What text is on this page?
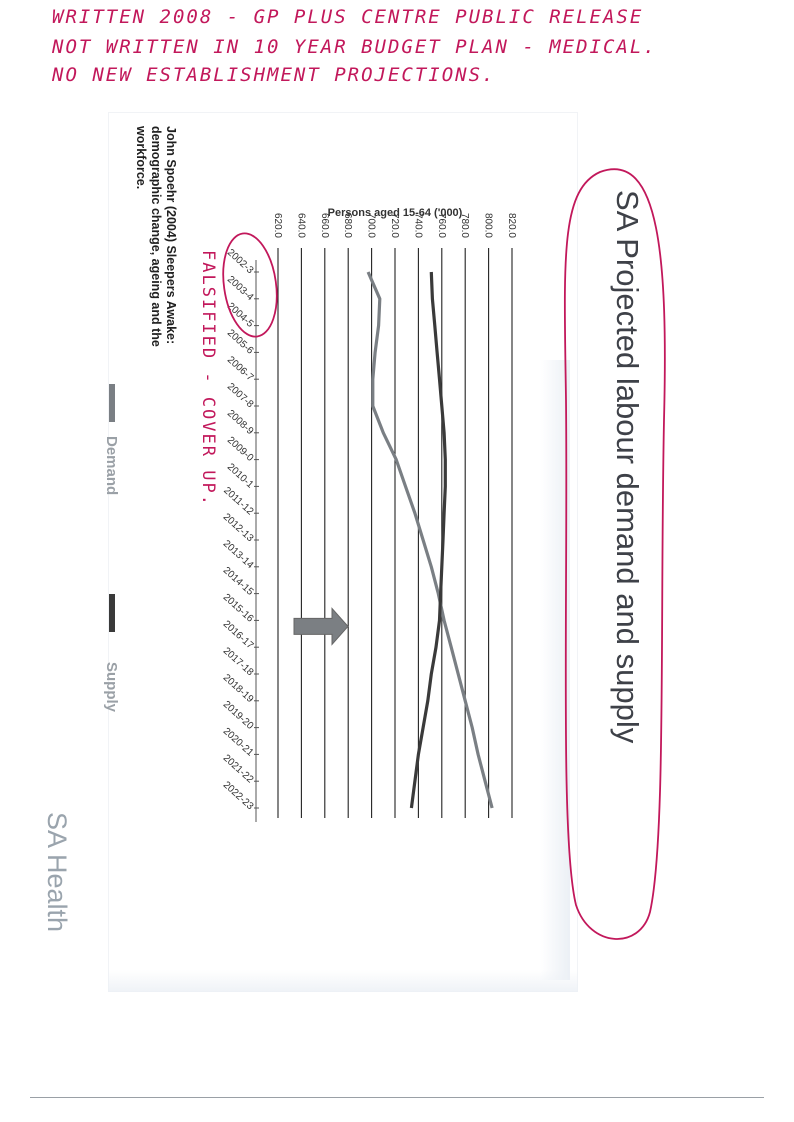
WRITTEN 2008 - GP PLUS CENTRE PUBLIC RELEASE
NOT WRITTEN IN 10 YEAR BUDGET PLAN - MEDICAL.
NO NEW ESTABLISHMENT PROJECTIONS.
SA Projected labour demand and supply
SA Health
John Spoehr (2004) Sleepers Awake: demographic change, ageing and the workforce.
FALSIFIED - COVER UP.
Demand
Supply
620.0 640.0 660.0 680.0 700.0 720.0 740.0 760.0 780.0 800.0 820.0
Persons aged 15-64 ('000)
2002-3
2003-4
2004-5
2005-6
2006-7
2007-8
2008-9
2009-0
2010-1
2011-12
2012-13
2013-14
2014-15
2015-16
2016-17
2017-18
2018-19
2019-20
2020-21
2021-22
2022-23
